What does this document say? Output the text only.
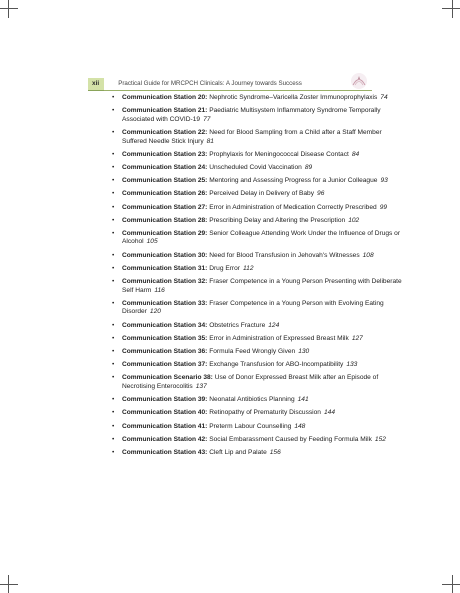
xii	Practical Guide for MRCPCH Clinicals: A Journey towards Success
• Communication Station 20: Nephrotic Syndrome–Varicella Zoster Immunoprophylaxis 74
• Communication Station 21: Paediatric Multisystem Inflammatory Syndrome Temporally Associated with COVID-19 77
• Communication Station 22: Need for Blood Sampling from a Child after a Staff Member Suffered Needle Stick Injury 81
• Communication Station 23: Prophylaxis for Meningococcal Disease Contact 84
• Communication Station 24: Unscheduled Covid Vaccination 89
• Communication Station 25: Mentoring and Assessing Progress for a Junior Colleague 93
• Communication Station 26: Perceived Delay in Delivery of Baby 96
• Communication Station 27: Error in Administration of Medication Correctly Prescribed 99
• Communication Station 28: Prescribing Delay and Altering the Prescription 102
• Communication Station 29: Senior Colleague Attending Work Under the Influence of Drugs or Alcohol 105
• Communication Station 30: Need for Blood Transfusion in Jehovah's Witnesses 108
• Communication Station 31: Drug Error 112
• Communication Station 32: Fraser Competence in a Young Person Presenting with Deliberate Self Harm 116
• Communication Station 33: Fraser Competence in a Young Person with Evolving Eating Disorder 120
• Communication Station 34: Obstetrics Fracture 124
• Communication Station 35: Error in Administration of Expressed Breast Milk 127
• Communication Station 36: Formula Feed Wrongly Given 130
• Communication Station 37: Exchange Transfusion for ABO-Incompatibility 133
• Communication Scenario 38: Use of Donor Expressed Breast Milk after an Episode of Necrotising Enterocolitis 137
• Communication Station 39: Neonatal Antibiotics Planning 141
• Communication Station 40: Retinopathy of Prematurity Discussion 144
• Communication Station 41: Preterm Labour Counselling 148
• Communication Station 42: Social Embarassment Caused by Feeding Formula Milk 152
• Communication Station 43: Cleft Lip and Palate 156
